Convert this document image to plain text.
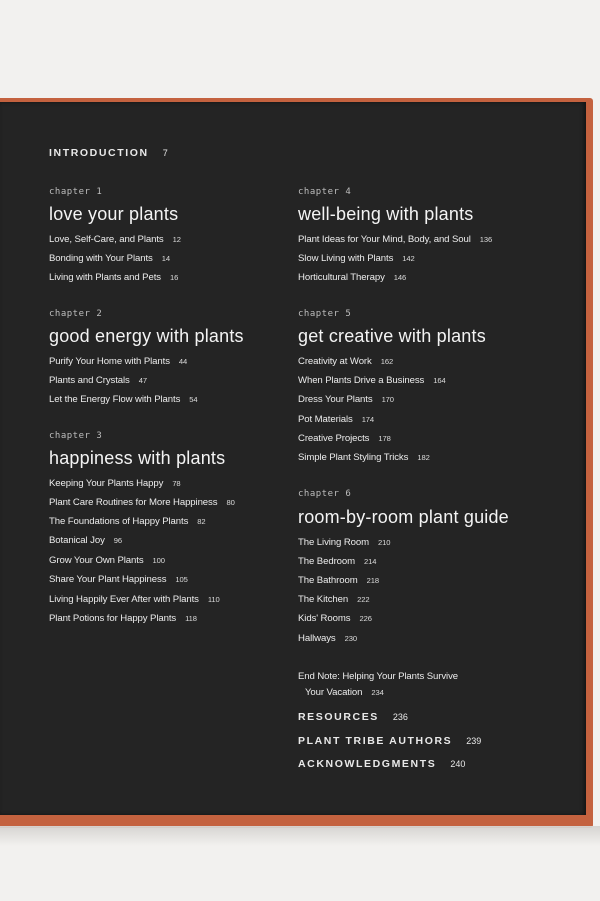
INTRODUCTION 7
chapter 1
love your plants
Love, Self-Care, and Plants 12
Bonding with Your Plants 14
Living with Plants and Pets 16
chapter 2
good energy with plants
Purify Your Home with Plants 44
Plants and Crystals 47
Let the Energy Flow with Plants 54
chapter 3
happiness with plants
Keeping Your Plants Happy 78
Plant Care Routines for More Happiness 80
The Foundations of Happy Plants 82
Botanical Joy 96
Grow Your Own Plants 100
Share Your Plant Happiness 105
Living Happily Ever After with Plants 110
Plant Potions for Happy Plants 118
chapter 4
well-being with plants
Plant Ideas for Your Mind, Body, and Soul 136
Slow Living with Plants 142
Horticultural Therapy 146
chapter 5
get creative with plants
Creativity at Work 162
When Plants Drive a Business 164
Dress Your Plants 170
Pot Materials 174
Creative Projects 178
Simple Plant Styling Tricks 182
chapter 6
room-by-room plant guide
The Living Room 210
The Bedroom 214
The Bathroom 218
The Kitchen 222
Kids' Rooms 226
Hallways 230
End Note: Helping Your Plants Survive
Your Vacation 234
RESOURCES 236
PLANT TRIBE AUTHORS 239
ACKNOWLEDGMENTS 240
